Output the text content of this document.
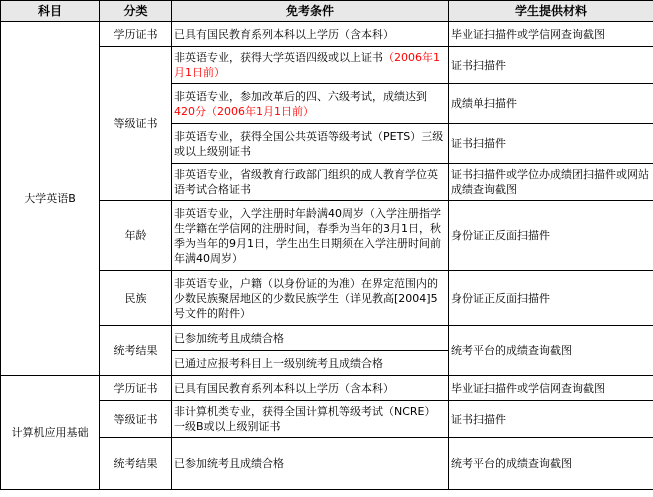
科目	分类	免考条件	学生提供材料
大学英语B	学历证书	已具有国民教育系列本科以上学历（含本科）	毕业证扫描件或学信网查询截图
	等级证书	非英语专业，获得大学英语四级或以上证书（2006年1月1日前）	证书扫描件
		非英语专业，参加改革后的四、六级考试，成绩达到420分（2006年1月1日前）	成绩单扫描件
		非英语专业，获得全国公共英语等级考试（PETS）三级或以上级别证书	证书扫描件
		非英语专业，省级教育行政部门组织的成人教育学位英语考试合格证书	证书扫描件或学位办成绩团扫描件或网站成绩查询截图
	年龄	非英语专业，入学注册时年龄满40周岁（入学注册指学生学籍在学信网的注册时间，春季为当年的3月1日，秋季为当年的9月1日，学生出生日期须在入学注册时间前年满40周岁）	身份证正反面扫描件
	民族	非英语专业，户籍（以身份证的为准）在界定范围内的少数民族聚居地区的少数民族学生（详见教高[2004]5号文件的附件）	身份证正反面扫描件
	统考结果	已参加统考且成绩合格	统考平台的成绩查询截图
		已通过应报考科目上一级别统考且成绩合格	
计算机应用基础	学历证书	已具有国民教育系列本科以上学历（含本科）	毕业证扫描件或学信网查询截图
	等级证书	非计算机类专业，获得全国计算机等级考试（NCRE）一级B或以上级别证书	证书扫描件
	统考结果	已参加统考且成绩合格	统考平台的成绩查询截图
